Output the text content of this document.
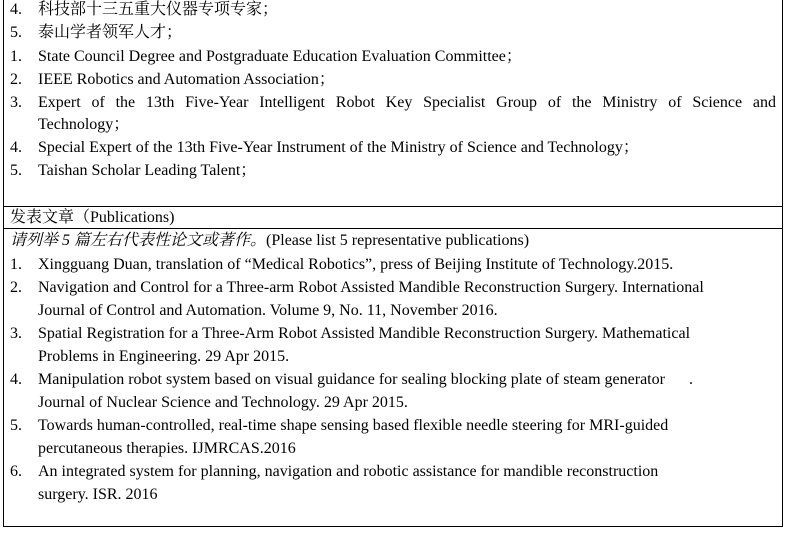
4.	科技部十三五重大仪器专项专家；
5.	泰山学者领军人才；
1.	State Council Degree and Postgraduate Education Evaluation Committee；
2.	IEEE Robotics and Automation Association；
3.	Expert of the 13th Five-Year Intelligent Robot Key Specialist Group of the Ministry of Science and
Technology；
4.	Special Expert of the 13th Five-Year Instrument of the Ministry of Science and Technology；
5.	Taishan Scholar Leading Talent；
发表文章（Publications)
请列举 5 篇左右代表性论文或著作。(Please list 5 representative publications)
1.	Xingguang Duan, translation of “Medical Robotics”, press of Beijing Institute of Technology.2015.
2.	Navigation and Control for a Three-arm Robot Assisted Mandible Reconstruction Surgery. International
Journal of Control and Automation. Volume 9, No. 11, November 2016.
3.	Spatial Registration for a Three-Arm Robot Assisted Mandible Reconstruction Surgery. Mathematical
Problems in Engineering. 29 Apr 2015.
4.	Manipulation robot system based on visual guidance for sealing blocking plate of steam generator      .
Journal of Nuclear Science and Technology. 29 Apr 2015.
5.	Towards human-controlled, real-time shape sensing based flexible needle steering for MRI-guided
percutaneous therapies. IJMRCAS.2016
6.	An integrated system for planning, navigation and robotic assistance for mandible reconstruction
surgery. ISR. 2016
